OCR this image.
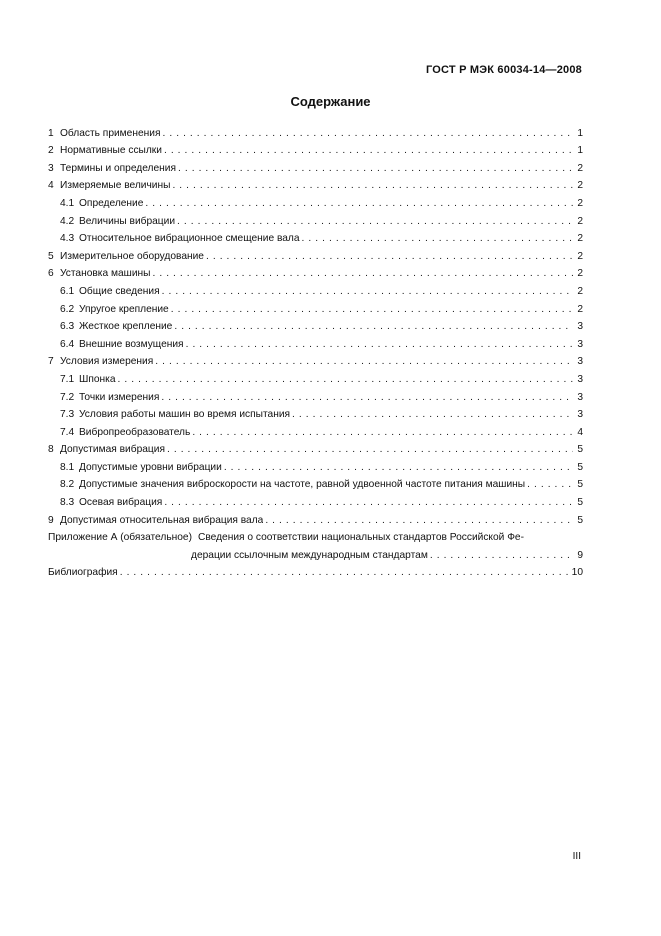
ГОСТ Р МЭК 60034-14—2008
Содержание
1 Область применения . . .	1
2 Нормативные ссылки . . .	1
3 Термины и определения . . .	2
4 Измеряемые величины . . .	2
4.1 Определение . . .	2
4.2 Величины вибрации . . .	2
4.3 Относительное вибрационное смещение вала . . .	2
5 Измерительное оборудование . . .	2
6 Установка машины . . .	2
6.1 Общие сведения . . .	2
6.2 Упругое крепление . . .	2
6.3 Жесткое крепление . . .	3
6.4 Внешние возмущения . . .	3
7 Условия измерения . . .	3
7.1 Шпонка . . .	3
7.2 Точки измерения . . .	3
7.3 Условия работы машин во время испытания . . .	3
7.4 Вибропреобразователь . . .	4
8 Допустимая вибрация . . .	5
8.1 Допустимые уровни вибрации . . .	5
8.2 Допустимые значения виброскорости на частоте, равной удвоенной частоте питания машины . . .	5
8.3 Осевая вибрация . . .	5
9 Допустимая относительная вибрация вала . . .	5
Приложение А (обязательное) Сведения о соответствии национальных стандартов Российской Фе-
дерации ссылочным международным стандартам . . .	9
Библиография . . .	10
III
